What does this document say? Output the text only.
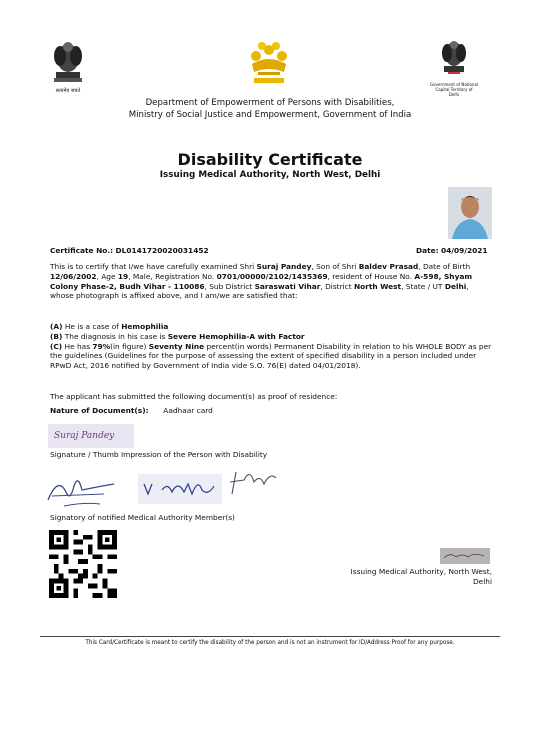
सत्यमेव जयते
Government of National Capital Territory of Delhi
Department of Empowerment of Persons with Disabilities,
Ministry of Social Justice and Empowerment, Government of India
Disability Certificate
Issuing Medical Authority, North West, Delhi
Certificate No.: DL0141720020031452	Date: 04/09/2021
This is to certify that I/we have carefully examined Shri Suraj Pandey, Son of Shri Baldev Prasad, Date of Birth 12/06/2002, Age 19, Male, Registration No. 0701/00000/2102/1435369, resident of House No. A-598, Shyam Colony Phase-2, Budh Vihar - 110086, Sub District Saraswati Vihar, District North West, State / UT Delhi, whose photograph is affixed above, and I am/we are satisfied that:
(A) He is a case of Hemophilia
(B) The diagnosis in his case is Severe Hemophilia-A with Factor
(C) He has 79%(in figure) Seventy Nine percent(in words) Permanent Disability in relation to his WHOLE BODY as per the guidelines (Guidelines for the purpose of assessing the extent of specified disability in a person included under RPwD Act, 2016 notified by Government of India vide S.O. 76(E) dated 04/01/2018).
The applicant has submitted the following document(s) as proof of residence:
Nature of Document(s): Aadhaar card
Suraj Pandey
Signature / Thumb Impression of the Person with Disability
Signatory of notified Medical Authority Member(s)
Issuing Medical Authority, North West, Delhi
This Card/Certificate is meant to certify the disability of the person and is not an instrument for ID/Address Proof for any purpose.
